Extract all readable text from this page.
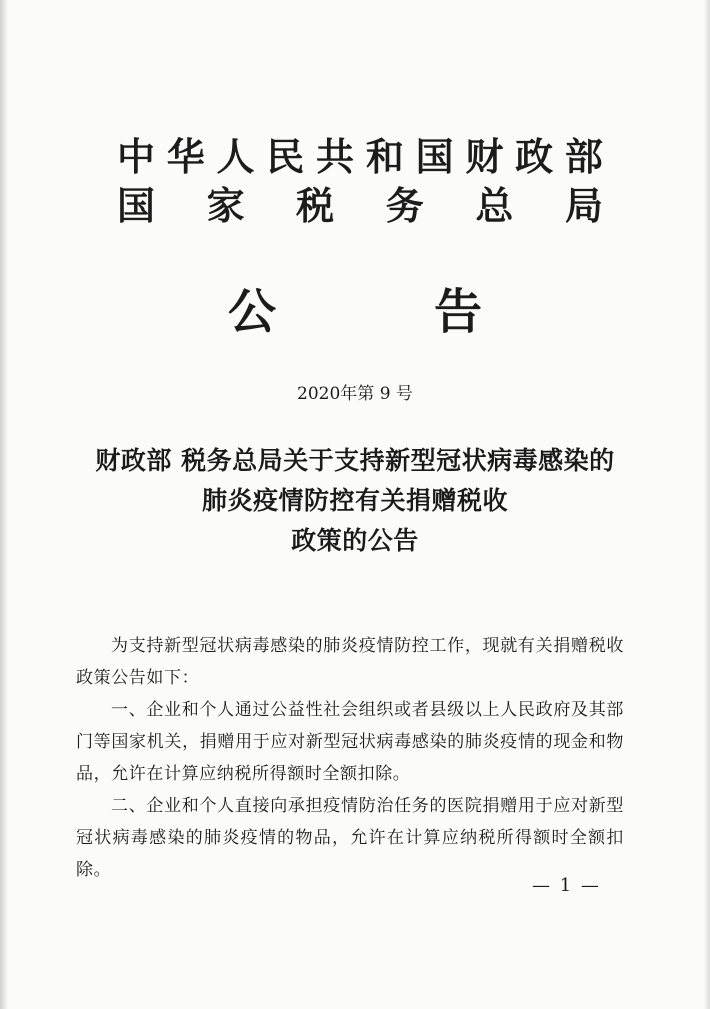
中 华 人 民 共 和 国 财 政 部
国 家 税 务 总 局
公	告
2020年第 9 号
财政部 税务总局关于支持新型冠状病毒感染的
肺炎疫情防控有关捐赠税收
政策的公告

为支持新型冠状病毒感染的肺炎疫情防控工作，现就有关捐赠税收政策公告如下：

一、企业和个人通过公益性社会组织或者县级以上人民政府及其部门等国家机关，捐赠用于应对新型冠状病毒感染的肺炎疫情的现金和物品，允许在计算应纳税所得额时全额扣除。

二、企业和个人直接向承担疫情防治任务的医院捐赠用于应对新型冠状病毒感染的肺炎疫情的物品，允许在计算应纳税所得额时全额扣除。

— 1 —
